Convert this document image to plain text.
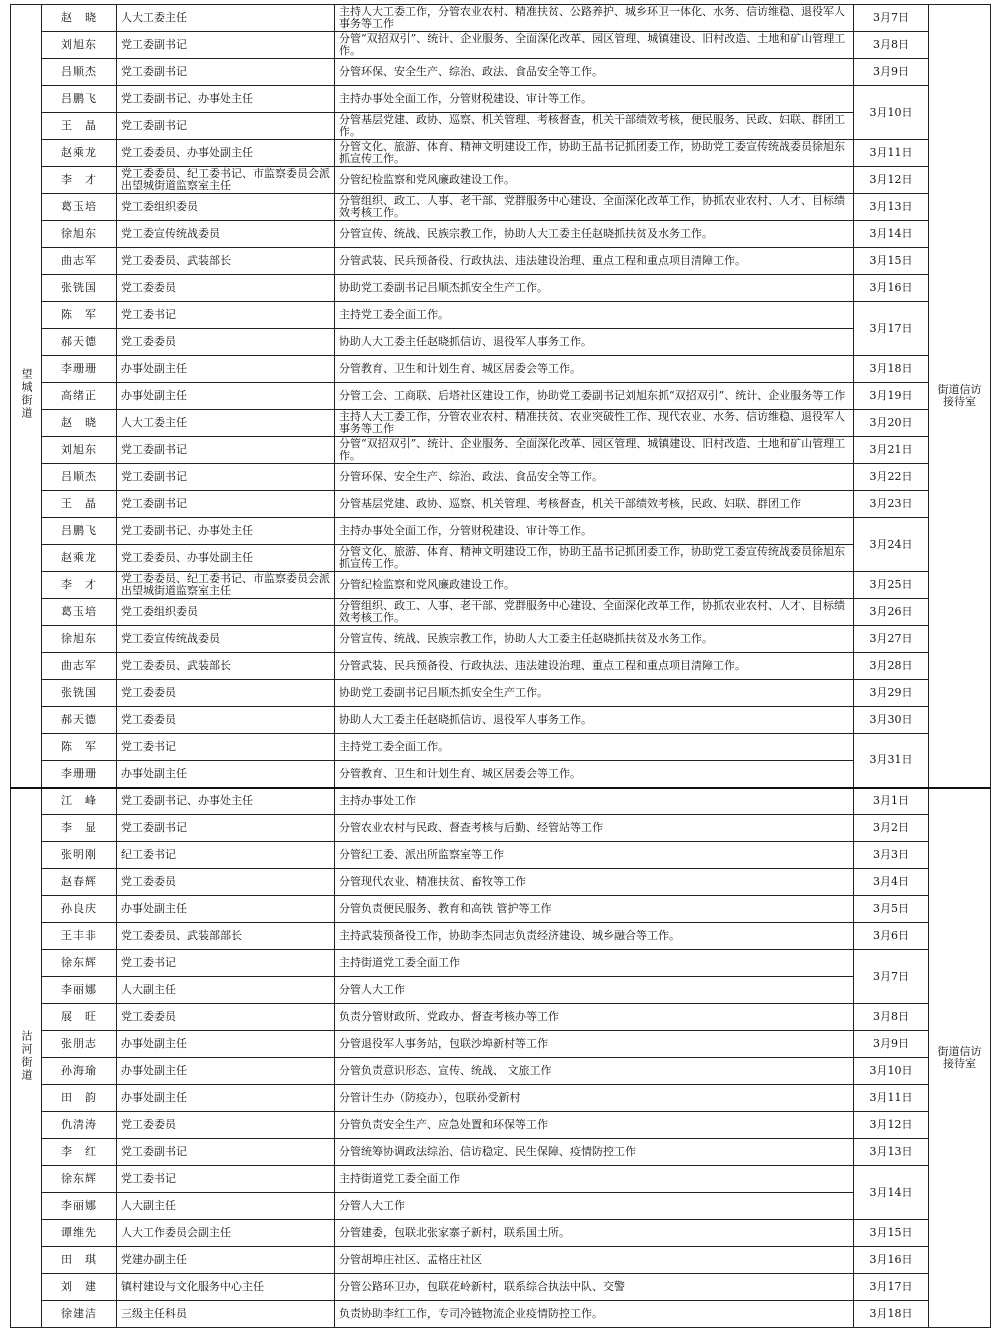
望城街道	赵　晓	人大工委主任	主持人大工委工作，分管农业农村、精准扶贫、公路养护、城乡环卫一体化、水务、信访维稳、退役军人事务等工作	3月7日	街道信访接待室
	刘旭东	党工委副书记	分管“双招双引”、统计、企业服务、全面深化改革、园区管理、城镇建设、旧村改造、土地和矿山管理工作。	3月8日	
	吕顺杰	党工委副书记	分管环保、安全生产、综治、政法、食品安全等工作。	3月9日	
	吕鹏飞	党工委副书记、办事处主任	主持办事处全面工作，分管财税建设、审计等工作。	3月10日	
	王　晶	党工委副书记	分管基层党建、政协、巡察、机关管理、考核督查，机关干部绩效考核，便民服务、民政、妇联、群团工作。		
	赵乘龙	党工委委员、办事处副主任	分管文化、旅游、体育、精神文明建设工作，协助王晶书记抓团委工作，协助党工委宣传统战委员徐旭东抓宣传工作。	3月11日	
	李　才	党工委委员、纪工委书记、市监察委员会派出望城街道监察室主任	分管纪检监察和党风廉政建设工作。	3月12日	
	葛玉培	党工委组织委员	分管组织、政工、人事、老干部、党群服务中心建设、全面深化改革工作，协抓农业农村、人才、目标绩效考核工作。	3月13日	
	徐旭东	党工委宣传统战委员	分管宣传、统战、民族宗教工作，协助人大工委主任赵晓抓扶贫及水务工作。	3月14日	
	曲志军	党工委委员、武装部长	分管武装、民兵预备役、行政执法、违法建设治理、重点工程和重点项目清障工作。	3月15日	
	张铣国	党工委委员	协助党工委副书记吕顺杰抓安全生产工作。	3月16日	
	陈　军	党工委书记	主持党工委全面工作。	3月17日	
	郝天德	党工委委员	协助人大工委主任赵晓抓信访、退役军人事务工作。		
	李珊珊	办事处副主任	分管教育、卫生和计划生育、城区居委会等工作。	3月18日	
	高绪正	办事处副主任	分管工会、工商联、后塔社区建设工作，协助党工委副书记刘旭东抓“双招双引”、统计、企业服务等工作	3月19日	
	赵　晓	人大工委主任	主持人大工委工作，分管农业农村、精准扶贫、农业突破性工作、现代农业、水务、信访维稳、退役军人事务等工作	3月20日	
	刘旭东	党工委副书记	分管“双招双引”、统计、企业服务、全面深化改革、园区管理、城镇建设、旧村改造、土地和矿山管理工作。	3月21日	
	吕顺杰	党工委副书记	分管环保、安全生产、综治、政法、食品安全等工作。	3月22日	
	王　晶	党工委副书记	分管基层党建、政协、巡察、机关管理、考核督查，机关干部绩效考核，民政、妇联、群团工作	3月23日	
	吕鹏飞	党工委副书记、办事处主任	主持办事处全面工作，分管财税建设、审计等工作。	3月24日	
	赵乘龙	党工委委员、办事处副主任	分管文化、旅游、体育、精神文明建设工作，协助王晶书记抓团委工作，协助党工委宣传统战委员徐旭东抓宣传工作。		
	李　才	党工委委员、纪工委书记、市监察委员会派出望城街道监察室主任	分管纪检监察和党风廉政建设工作。	3月25日	
	葛玉培	党工委组织委员	分管组织、政工、人事、老干部、党群服务中心建设、全面深化改革工作，协抓农业农村、人才、目标绩效考核工作。	3月26日	
	徐旭东	党工委宣传统战委员	分管宣传、统战、民族宗教工作，协助人大工委主任赵晓抓扶贫及水务工作。	3月27日	
	曲志军	党工委委员、武装部长	分管武装、民兵预备役、行政执法、违法建设治理、重点工程和重点项目清障工作。	3月28日	
	张铣国	党工委委员	协助党工委副书记吕顺杰抓安全生产工作。	3月29日	
	郝天德	党工委委员	协助人大工委主任赵晓抓信访、退役军人事务工作。	3月30日	
	陈　军	党工委书记	主持党工委全面工作。	3月31日	
	李珊珊	办事处副主任	分管教育、卫生和计划生育、城区居委会等工作。		
沽河街道	江　峰	党工委副书记、办事处主任	主持办事处工作	3月1日	街道信访接待室
	李　显	党工委副书记	分管农业农村与民政、督查考核与后勤、经管站等工作	3月2日	
	张明刚	纪工委书记	分管纪工委、派出所监察室等工作	3月3日	
	赵春辉	党工委委员	分管现代农业、精准扶贫、畜牧等工作	3月4日	
	孙良庆	办事处副主任	分管负责便民服务、教育和高铁 管护等工作	3月5日	
	王丰非	党工委委员、武装部部长	主持武装预备役工作，协助李杰同志负责经济建设、城乡融合等工作。	3月6日	
	徐东辉	党工委书记	主持街道党工委全面工作	3月7日	
	李丽娜	人大副主任	分管人大工作		
	展　旺	党工委委员	负责分管财政所、党政办、督查考核办等工作	3月8日	
	张朋志	办事处副主任	分管退役军人事务站，包联沙埠新村等工作	3月9日	
	孙海瑜	办事处副主任	分管负责意识形态、宣传、统战、 文旅工作	3月10日	
	田　韵	办事处副主任	分管计生办（防疫办），包联孙受新村	3月11日	
	仇清涛	党工委委员	分管负责安全生产、应急处置和环保等工作	3月12日	
	李　红	党工委副书记	分管统筹协调政法综治、信访稳定、民生保障、疫情防控工作	3月13日	
	徐东辉	党工委书记	主持街道党工委全面工作	3月14日	
	李丽娜	人大副主任	分管人大工作		
	谭维先	人大工作委员会副主任	分管建委，包联北张家寨子新村，联系国土所。	3月15日	
	田　琪	党建办副主任	分管胡埠庄社区、孟格庄社区	3月16日	
	刘　建	镇村建设与文化服务中心主任	分管公路环卫办，包联花岭新村，联系综合执法中队、交警	3月17日	
	徐建洁	三级主任科员	负责协助李红工作，专司冷链物流企业疫情防控工作。	3月18日	
